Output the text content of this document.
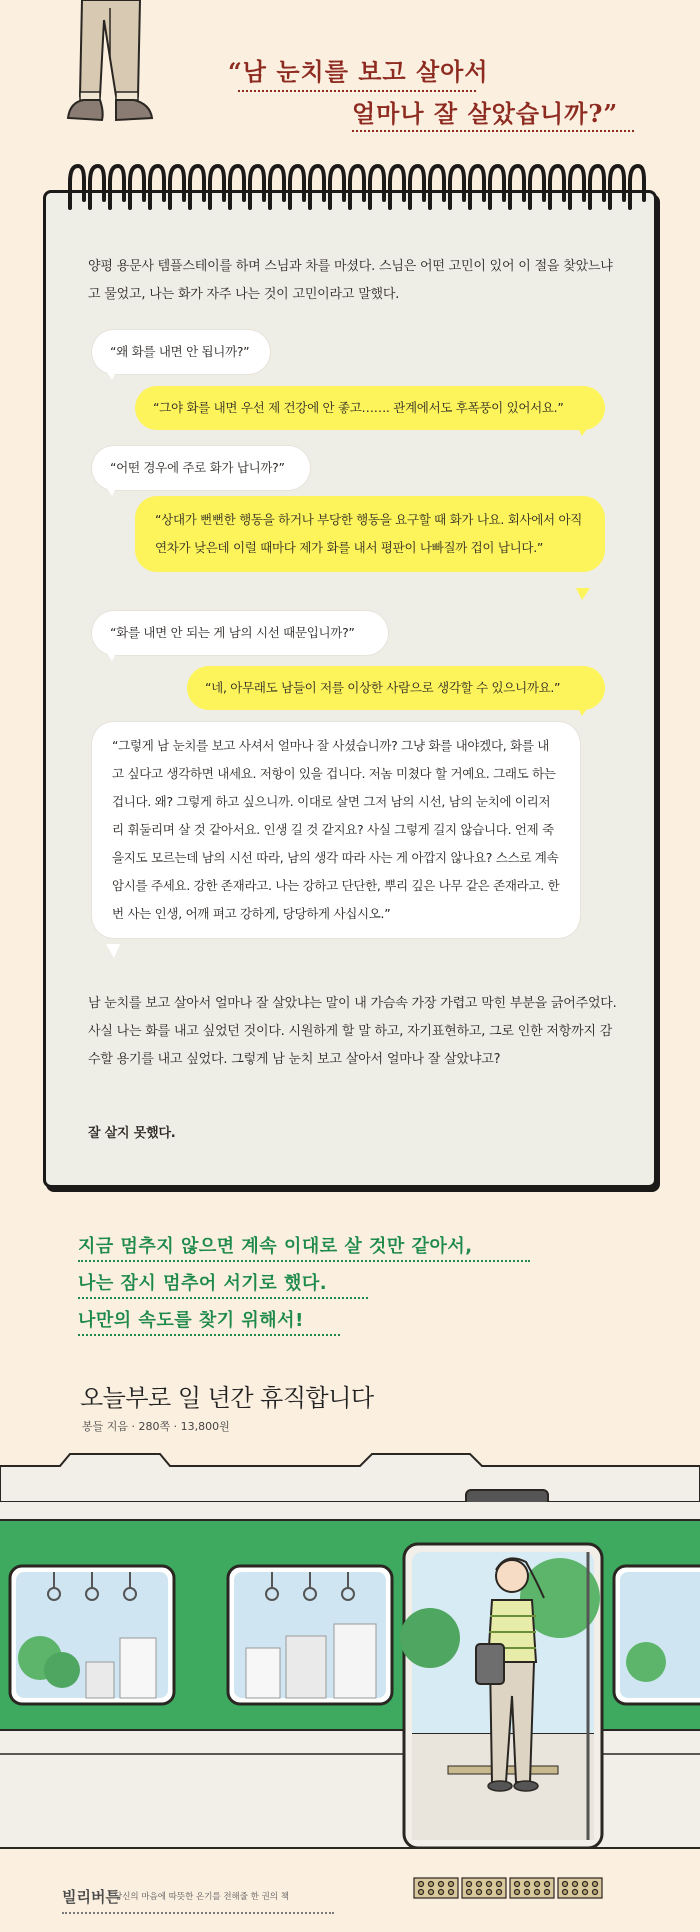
“남 눈치를 보고 살아서
얼마나 잘 살았습니까?”
양평 용문사 템플스테이를 하며 스님과 차를 마셨다. 스님은 어떤 고민이 있어 이 절을 찾았느냐고 물었고, 나는 화가 자주 나는 것이 고민이라고 말했다.
“왜 화를 내면 안 됩니까?”
“그야 화를 내면 우선 제 건강에 안 좋고……. 관계에서도 후폭풍이 있어서요.”
“어떤 경우에 주로 화가 납니까?”
“상대가 뻔뻔한 행동을 하거나 부당한 행동을 요구할 때 화가 나요. 회사에서 아직 연차가 낮은데 이럴 때마다 제가 화를 내서 평판이 나빠질까 겁이 납니다.”
“화를 내면 안 되는 게 남의 시선 때문입니까?”
“네, 아무래도 남들이 저를 이상한 사람으로 생각할 수 있으니까요.”
“그렇게 남 눈치를 보고 사셔서 얼마나 잘 사셨습니까? 그냥 화를 내야겠다, 화를 내고 싶다고 생각하면 내세요. 저항이 있을 겁니다. 저놈 미쳤다 할 거예요. 그래도 하는 겁니다. 왜? 그렇게 하고 싶으니까. 이대로 살면 그저 남의 시선, 남의 눈치에 이리저리 휘둘리며 살 것 같아서요. 인생 길 것 같지요? 사실 그렇게 길지 않습니다. 언제 죽을지도 모르는데 남의 시선 따라, 남의 생각 따라 사는 게 아깝지 않나요? 스스로 계속 암시를 주세요. 강한 존재라고. 나는 강하고 단단한, 뿌리 깊은 나무 같은 존재라고. 한 번 사는 인생, 어깨 펴고 강하게, 당당하게 사십시오.”
남 눈치를 보고 살아서 얼마나 잘 살았냐는 말이 내 가슴속 가장 가렵고 막힌 부분을 긁어주었다. 사실 나는 화를 내고 싶었던 것이다. 시원하게 할 말 하고, 자기표현하고, 그로 인한 저항까지 감수할 용기를 내고 싶었다. 그렇게 남 눈치 보고 살아서 얼마나 잘 살았냐고?
잘 살지 못했다.
지금 멈추지 않으면 계속 이대로 살 것만 같아서,
나는 잠시 멈추어 서기로 했다.
나만의 속도를 찾기 위해서!
오늘부로 일 년간 휴직합니다
봉들 지음 · 280쪽 · 13,800원
빌리버튼
당신의 마음에 따뜻한 온기를 전해줄 한 권의 책
